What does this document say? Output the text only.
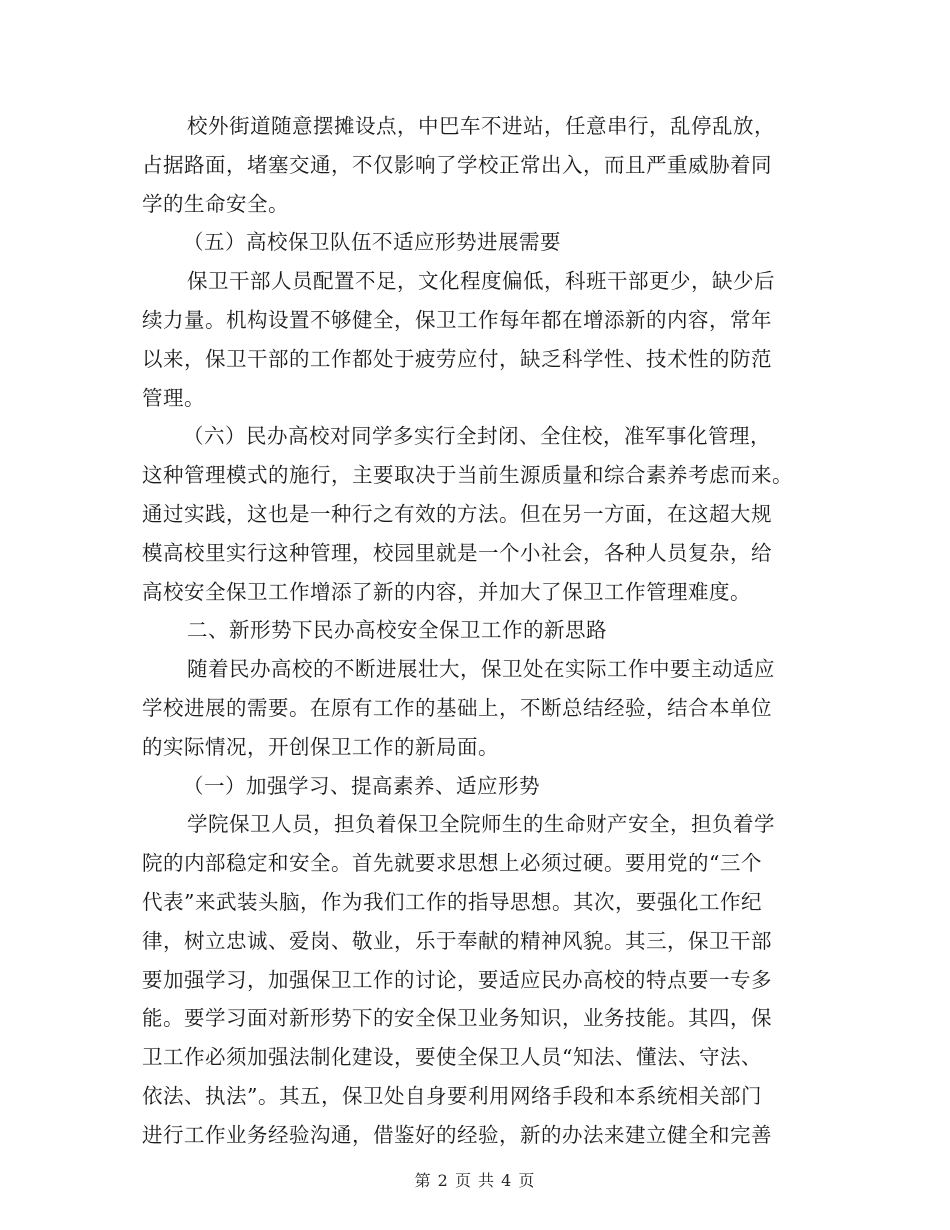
校外街道随意摆摊设点，中巴车不进站，任意串行，乱停乱放，
占据路面，堵塞交通，不仅影响了学校正常出入，而且严重威胁着同
学的生命安全。
（五）高校保卫队伍不适应形势进展需要
保卫干部人员配置不足，文化程度偏低，科班干部更少，缺少后
续力量。机构设置不够健全，保卫工作每年都在增添新的内容，常年
以来，保卫干部的工作都处于疲劳应付，缺乏科学性、技术性的防范
管理。
（六）民办高校对同学多实行全封闭、全住校，准军事化管理，
这种管理模式的施行，主要取决于当前生源质量和综合素养考虑而来。
通过实践，这也是一种行之有效的方法。但在另一方面，在这超大规
模高校里实行这种管理，校园里就是一个小社会，各种人员复杂，给
高校安全保卫工作增添了新的内容，并加大了保卫工作管理难度。
二、新形势下民办高校安全保卫工作的新思路
随着民办高校的不断进展壮大，保卫处在实际工作中要主动适应
学校进展的需要。在原有工作的基础上，不断总结经验，结合本单位
的实际情况，开创保卫工作的新局面。
（一）加强学习、提高素养、适应形势
学院保卫人员，担负着保卫全院师生的生命财产安全，担负着学
院的内部稳定和安全。首先就要求思想上必须过硬。要用党的“三个
代表”来武装头脑，作为我们工作的指导思想。其次，要强化工作纪
律，树立忠诚、爱岗、敬业，乐于奉献的精神风貌。其三，保卫干部
要加强学习，加强保卫工作的讨论，要适应民办高校的特点要一专多
能。要学习面对新形势下的安全保卫业务知识，业务技能。其四，保
卫工作必须加强法制化建设，要使全保卫人员“知法、懂法、守法、
依法、执法”。其五，保卫处自身要利用网络手段和本系统相关部门
进行工作业务经验沟通，借鉴好的经验，新的办法来建立健全和完善
第 2 页 共 4 页
